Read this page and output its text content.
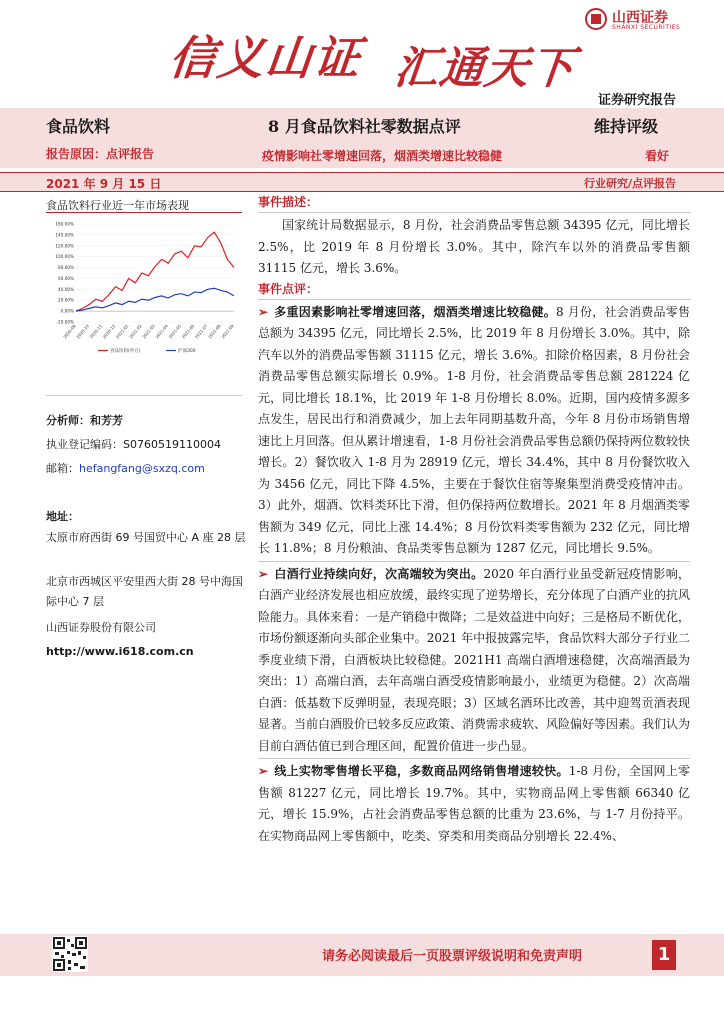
信义山证 汇通天下
山西证券
SHANXI SECURITIES
证券研究报告
食品饮料
报告原因：点评报告
8 月食品饮料社零数据点评
疫情影响社零增速回落，烟酒类增速比较稳健
维持评级
看好
2021 年 9 月 15 日	行业研究/点评报告
食品饮料行业近一年市场表现
160.00%
140.00%
120.00%
100.00%
80.00%
60.00%
40.00%
20.00%
0.00%
-20.00%
2020-09
2020-10
2020-11
2020-12
2021-01
2021-02
2021-03
2021-04
2021-05
2021-06
2021-07
2021-08
2021-09
食品饮料(申万)	沪深300
分析师：和芳芳
执业登记编码：S0760519110004
邮箱：hefangfang@sxzq.com
地址：
太原市府西街 69 号国贸中心 A 座 28 层
北京市西城区平安里西大街 28 号中海国际中心 7 层
山西证券股份有限公司
http://www.i618.com.cn
事件描述：

国家统计局数据显示，8 月份，社会消费品零售总额 34395 亿元，同比增长 2.5%，比 2019 年 8 月份增长 3.0%。其中，除汽车以外的消费品零售额 31115 亿元，增长 3.6%。

事件点评：

➢ 多重因素影响社零增速回落，烟酒类增速比较稳健。8 月份，社会消费品零售总额为 34395 亿元，同比增长 2.5%，比 2019 年 8 月份增长 3.0%。其中，除汽车以外的消费品零售额 31115 亿元，增长 3.6%。扣除价格因素，8 月份社会消费品零售总额实际增长 0.9%。1-8 月份，社会消费品零售总额 281224 亿元，同比增长 18.1%，比 2019 年 1-8 月份增长 8.0%。近期，国内疫情多源多点发生，居民出行和消费减少，加上去年同期基数升高，今年 8 月份市场销售增速比上月回落。但从累计增速看，1-8 月份社会消费品零售总额仍保持两位数较快增长。2）餐饮收入 1-8 月为 28919 亿元，增长 34.4%，其中 8 月份餐饮收入为 3456 亿元，同比下降 4.5%，主要在于餐饮住宿等聚集型消费受疫情冲击。3）此外，烟酒、饮料类环比下滑，但仍保持两位数增长。2021 年 8 月烟酒类零售额为 349 亿元，同比上涨 14.4%；8 月份饮料类零售额为 232 亿元，同比增长 11.8%；8 月份粮油、食品类零售总额为 1287 亿元，同比增长 9.5%。

➢ 白酒行业持续向好，次高端较为突出。2020 年白酒行业虽受新冠疫情影响，白酒产业经济发展也相应放缓，最终实现了逆势增长，充分体现了白酒产业的抗风险能力。具体来看：一是产销稳中微降；二是效益进中向好；三是格局不断优化，市场份额逐渐向头部企业集中。2021 年中报披露完毕，食品饮料大部分子行业二季度业绩下滑，白酒板块比较稳健。2021H1 高端白酒增速稳健，次高端酒最为突出：1）高端白酒，去年高端白酒受疫情影响最小，业绩更为稳健。2）次高端白酒：低基数下反弹明显，表现亮眼；3）区域名酒环比改善，其中迎驾贡酒表现显著。当前白酒股价已较多反应政策、消费需求疲软、风险偏好等因素。我们认为目前白酒估值已到合理区间，配置价值进一步凸显。

➢ 线上实物零售增长平稳，多数商品网络销售增速较快。1-8 月份，全国网上零售额 81227 亿元，同比增长 19.7%。其中，实物商品网上零售额 66340 亿元，增长 15.9%，占社会消费品零售总额的比重为 23.6%，与 1-7 月份持平。在实物商品网上零售额中，吃类、穿类和用类商品分别增长 22.4%、

请务必阅读最后一页股票评级说明和免责声明	1
